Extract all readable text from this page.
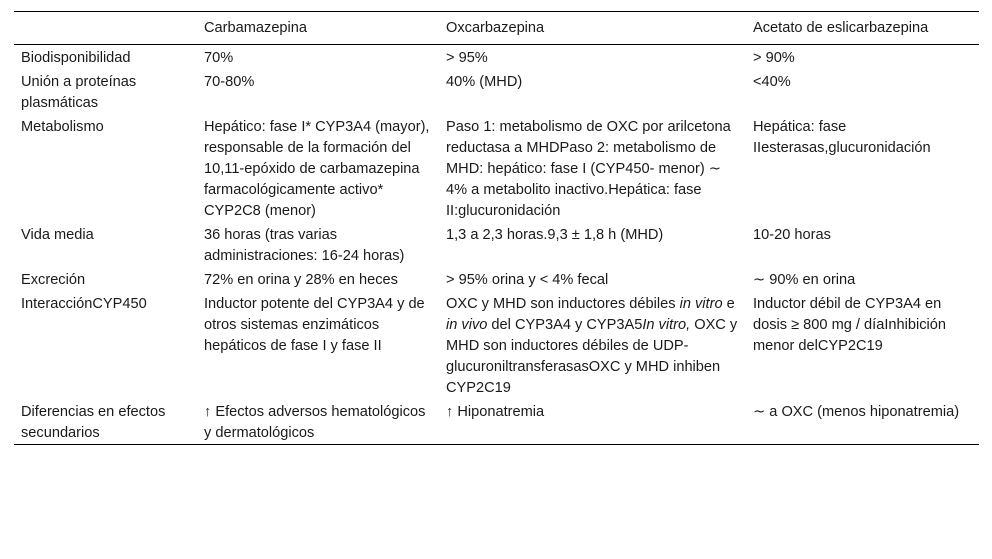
	Carbamazepina	Oxcarbazepina	Acetato de eslicarbazepina
Biodisponibilidad	70%	> 95%	> 90%
Unión a proteínas plasmáticas	70-80%	40% (MHD)	<40%
Metabolismo	Hepático: fase I* CYP3A4 (mayor), responsable de la formación del 10,11-epóxido de carbamazepina farmacológicamente activo* CYP2C8 (menor)	Paso 1: metabolismo de OXC por arilcetona reductasa a MHDPaso 2: metabolismo de MHD: hepático: fase I (CYP450- menor) ∼ 4% a metabolito inactivo.Hepática: fase II:glucuronidación	Hepática: fase IIesterasas,glucuronidación
Vida media	36 horas (tras varias administraciones: 16-24 horas)	1,3 a 2,3 horas.9,3 ± 1,8 h (MHD)	10-20 horas
Excreción	72% en orina y 28% en heces	> 95% orina y < 4% fecal	∼ 90% en orina
InteracciónCYP450	Inductor potente del CYP3A4 y de otros sistemas enzimáticos hepáticos de fase I y fase II	OXC y MHD son inductores débiles in vitro e in vivo del CYP3A4 y CYP3A5In vitro, OXC y MHD son inductores débiles de UDP-glucuroniltransferasasOXC y MHD inhiben CYP2C19	Inductor débil de CYP3A4 en dosis ≥ 800 mg / díaInhibición menor delCYP2C19
Diferencias en efectos secundarios	↑ Efectos adversos hematológicos y dermatológicos	↑ Hiponatremia	∼ a OXC (menos hiponatremia)
